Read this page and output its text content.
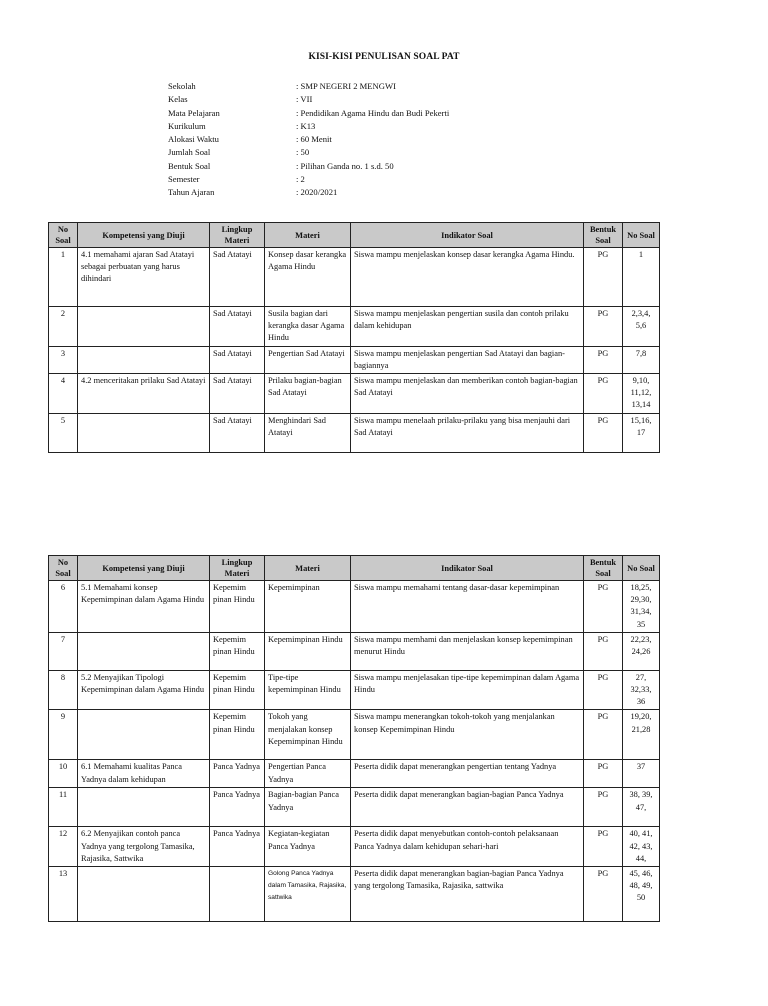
KISI-KISI PENULISAN SOAL PAT
Sekolah	: SMP NEGERI 2 MENGWI
Kelas	: VII
Mata Pelajaran	: Pendidikan Agama Hindu dan Budi Pekerti
Kurikulum	: K13
Alokasi Waktu	: 60 Menit
Jumlah Soal	: 50
Bentuk Soal	: Pilihan Ganda no. 1 s.d. 50
Semester	: 2
Tahun Ajaran	: 2020/2021
No Soal	Kompetensi yang Diuji	Lingkup Materi	Materi	Indikator Soal	Bentuk Soal	No Soal
1	4.1 memahami ajaran Sad Atatayi sebagai perbuatan yang harus dihindari	Sad Atatayi	Konsep dasar kerangka Agama Hindu	Siswa mampu menjelaskan konsep dasar kerangka Agama Hindu.	PG	1
2		Sad Atatayi	Susila bagian dari kerangka dasar Agama Hindu	Siswa mampu menjelaskan pengertian susila dan contoh prilaku dalam kehidupan	PG	2,3,4, 5,6
3		Sad Atatayi	Pengertian Sad Atatayi	Siswa mampu menjelaskan pengertian Sad Atatayi dan bagian-bagiannya	PG	7,8
4	4.2 menceritakan prilaku Sad Atatayi	Sad Atatayi	Prilaku bagian-bagian Sad Atatayi	Siswa mampu menjelaskan dan memberikan contoh bagian-bagian Sad Atatayi	PG	9,10, 11,12, 13,14
5		Sad Atatayi	Menghindari Sad Atatayi	Siswa mampu menelaah prilaku-prilaku yang bisa menjauhi dari Sad Atatayi	PG	15,16, 17
No Soal	Kompetensi yang Diuji	Lingkup Materi	Materi	Indikator Soal	Bentuk Soal	No Soal
6	5.1 Memahami konsep Kepemimpinan dalam Agama Hindu	Kepemim pinan Hindu	Kepemimpinan	Siswa mampu memahami tentang dasar-dasar kepemimpinan	PG	18,25, 29,30, 31,34, 35
7		Kepemim pinan Hindu	Kepemimpinan Hindu	Siswa mampu memhami dan menjelaskan konsep kepemimpinan menurut Hindu	PG	22,23, 24,26
8	5.2 Menyajikan Tipologi Kepemimpinan dalam Agama Hindu	Kepemim pinan Hindu	Tipe-tipe kepemimpinan Hindu	Siswa mampu menjelasakan tipe-tipe kepemimpinan dalam Agama Hindu	PG	27, 32,33, 36
9		Kepemim pinan Hindu	Tokoh yang menjalakan konsep Kepemimpinan Hindu	Siswa mampu menerangkan tokoh-tokoh yang menjalankan konsep Kepemimpinan Hindu	PG	19,20, 21,28
10	6.1 Memahami kualitas Panca Yadnya dalam kehidupan	Panca Yadnya	Pengertian Panca Yadnya	Peserta didik dapat menerangkan pengertian tentang Yadnya	PG	37
11		Panca Yadnya	Bagian-bagian Panca Yadnya	Peserta didik dapat menerangkan bagian-bagian Panca Yadnya	PG	38, 39, 47,
12	6.2 Menyajikan contoh panca Yadnya yang tergolong Tamasika, Rajasika, Sattwika	Panca Yadnya	Kegiatan-kegiatan Panca Yadnya	Peserta didik dapat menyebutkan contoh-contoh pelaksanaan Panca Yadnya dalam kehidupan sehari-hari	PG	40, 41, 42, 43, 44,
13			Golong Panca Yadnya dalam Tamasika, Rajasika, sattwika	Peserta didik dapat menerangkan bagian-bagian Panca Yadnya yang tergolong Tamasika, Rajasika, sattwika	PG	45, 46, 48, 49, 50
